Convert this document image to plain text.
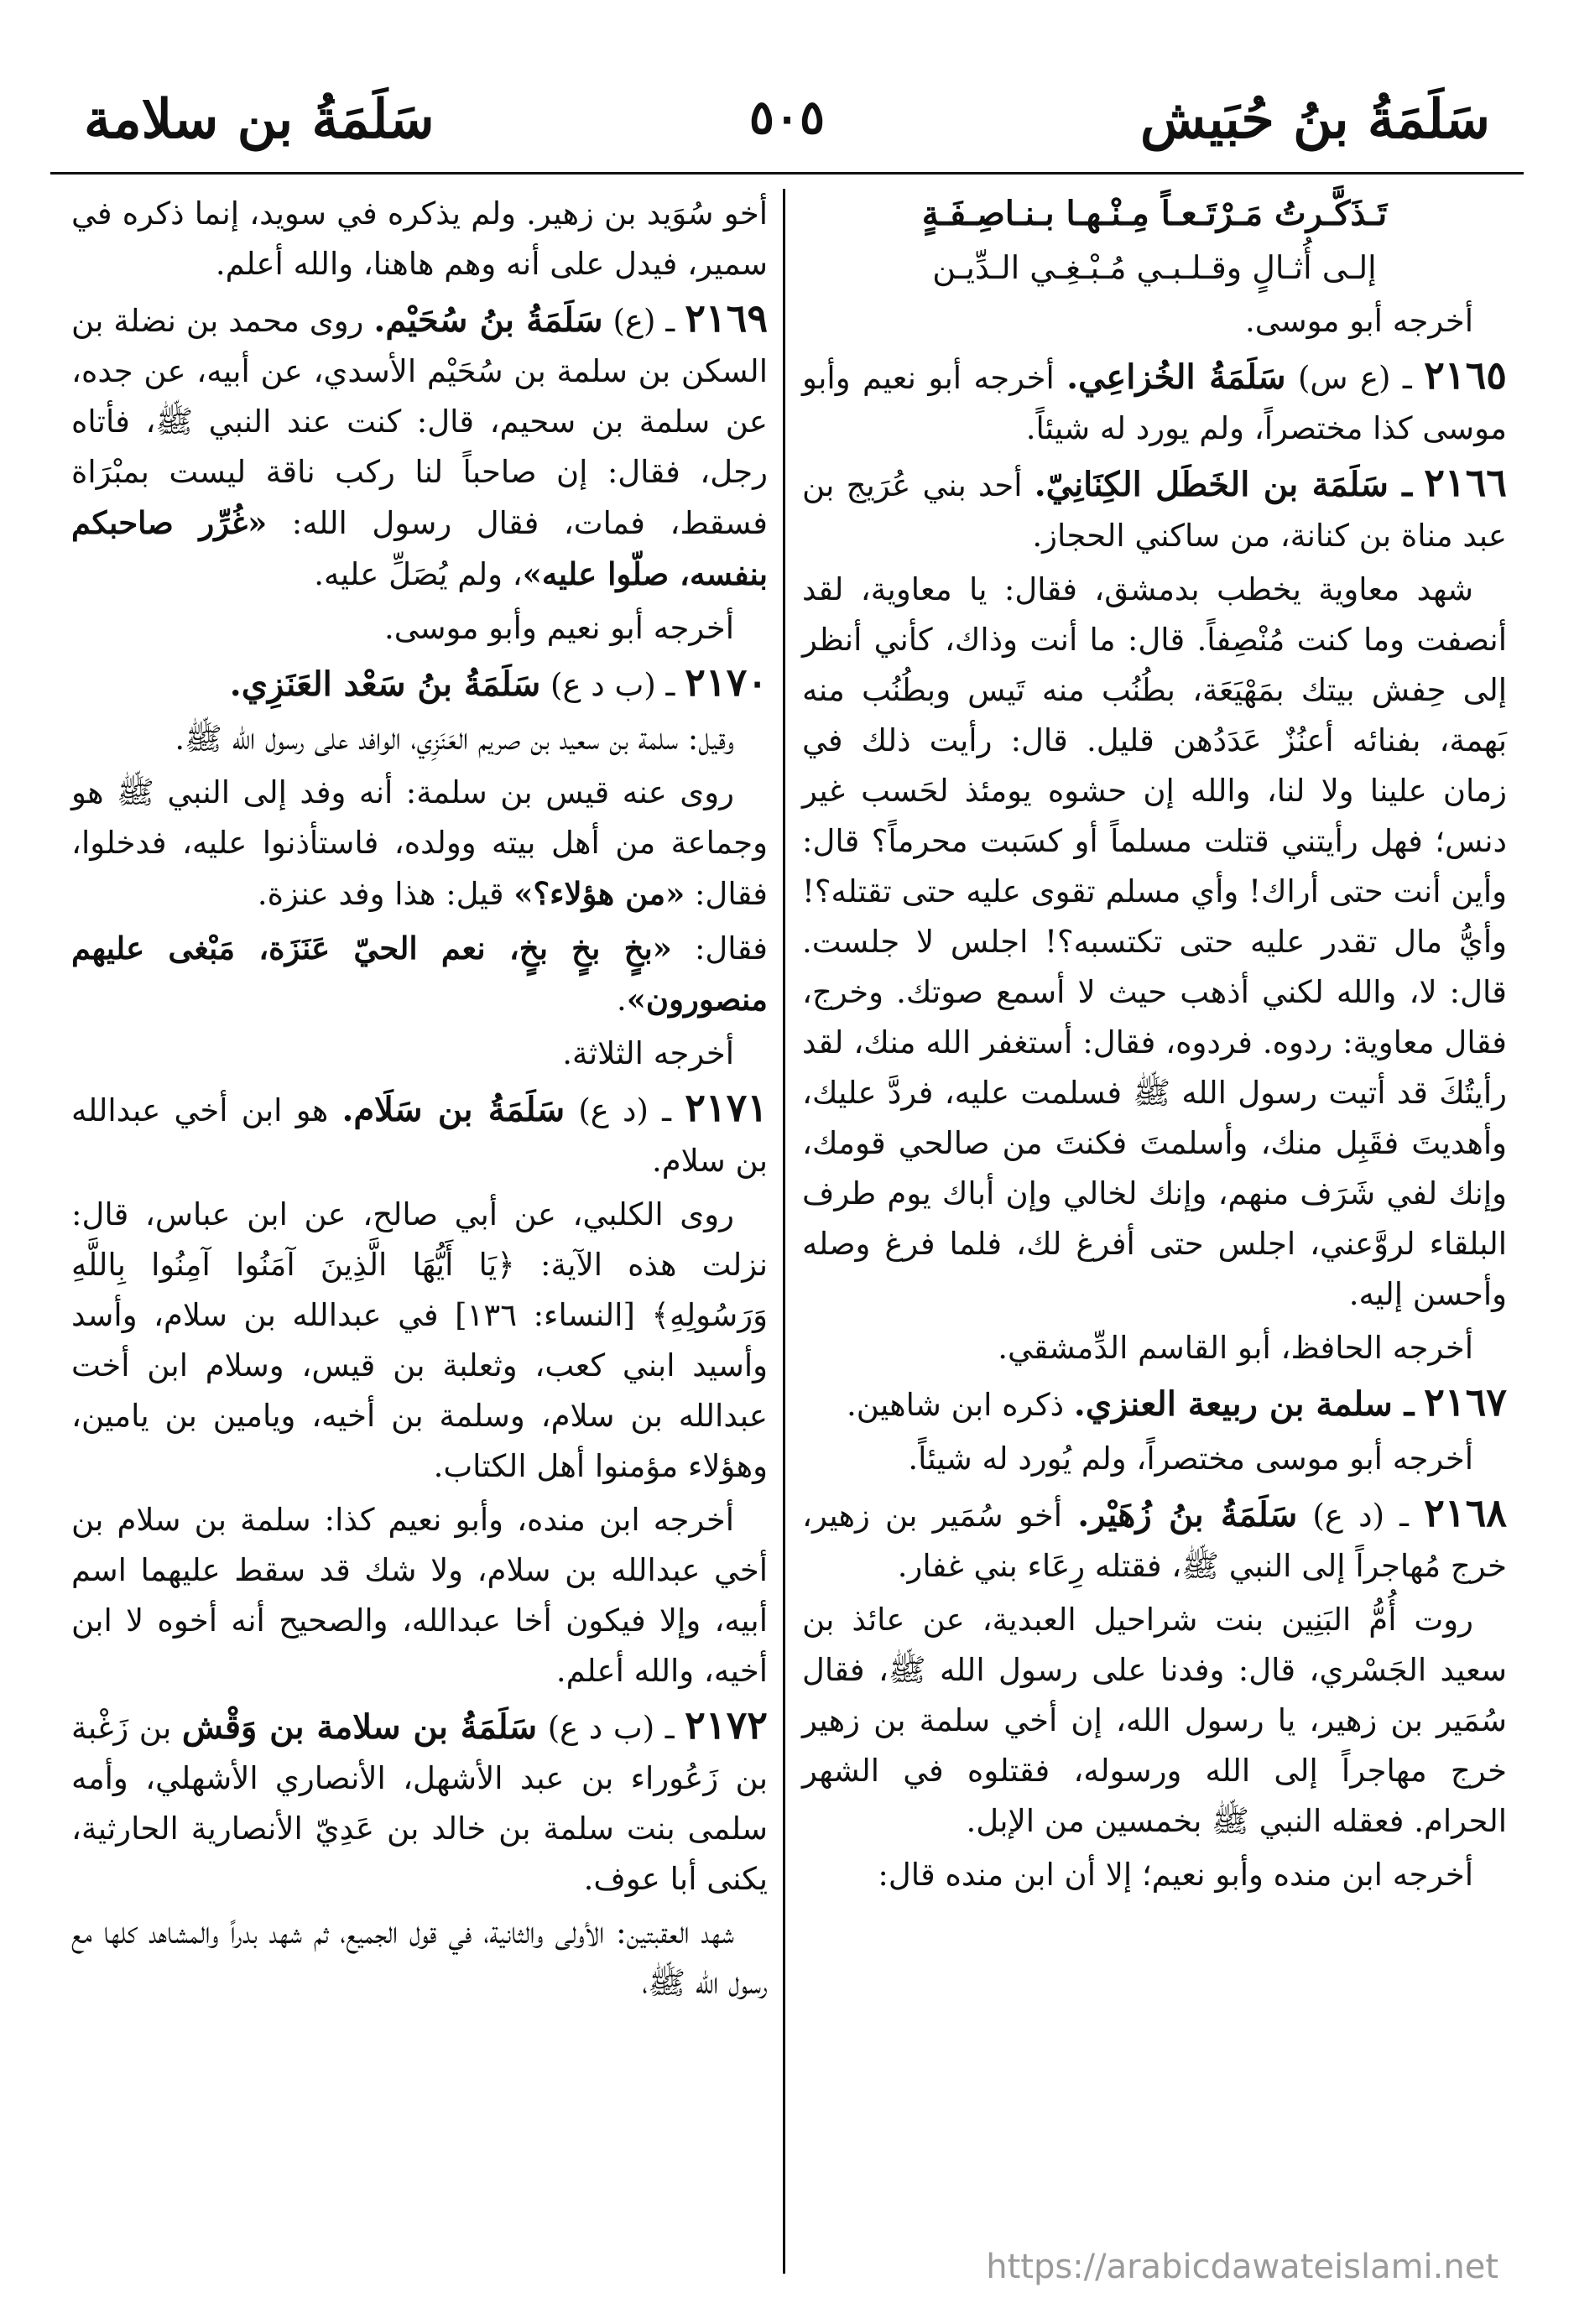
سَلَمَةُ بنُ حُبَيش
٥٠٥
سَلَمَةُ بن سلامة

تَـذَكَّـرتُ مَـرْتَـعـاً مِـنْـهـا بـنـاصِـفَـةٍ

إلـى أُثـالٍ وقـلـبـي مُـبْـغِـي الـدِّيـن

أخرجه أبو موسى.

٢١٦٥ ـ (ع س) سَلَمَةُ الخُزاعِي. أخرجه أبو نعيم وأبو موسى كذا مختصراً، ولم يورد له شيئاً.

٢١٦٦ ـ سَلَمَة بن الخَطَل الكِنَانِيّ. أحد بني عُرَيج بن عبد مناة بن كنانة، من ساكني الحجاز.

شهد معاوية يخطب بدمشق، فقال: يا معاوية، لقد أنصفت وما كنت مُنْصِفاً. قال: ما أنت وذاك، كأني أنظر إلى حِفش بيتك بمَهْيَعَة، بطُنُب منه تَيس وبطُنُب منه بَهمة، بفنائه أعنُزٌ عَدَدُهن قليل. قال: رأيت ذلك في زمان علينا ولا لنا، والله إن حشوه يومئذ لحَسب غير دنس؛ فهل رأيتني قتلت مسلماً أو كسَبت محرماً؟ قال: وأين أنت حتى أراك! وأي مسلم تقوى عليه حتى تقتله؟! وأيُّ مال تقدر عليه حتى تكتسبه؟! اجلس لا جلست. قال: لا، والله لكني أذهب حيث لا أسمع صوتك. وخرج، فقال معاوية: ردوه. فردوه، فقال: أستغفر الله منك، لقد رأيتُكَ قد أتيت رسول الله ﷺ فسلمت عليه، فردَّ عليك، وأهديتَ فقَبِل منك، وأسلمتَ فكنتَ من صالحي قومك، وإنك لفي شَرَف منهم، وإنك لخالي وإن أباك يوم طرف البلقاء لروَّعني، اجلس حتى أفرغ لك، فلما فرغ وصله وأحسن إليه.

أخرجه الحافظ، أبو القاسم الدِّمشقي.

٢١٦٧ ـ سلمة بن ربيعة العنزي. ذكره ابن شاهين.

أخرجه أبو موسى مختصراً، ولم يُورد له شيئاً.

٢١٦٨ ـ (د ع) سَلَمَةُ بنُ زُهَيْر. أخو سُمَير بن زهير، خرج مُهاجراً إلى النبي ﷺ، فقتله رِعَاء بني غفار.

روت أُمُّ البَنِين بنت شراحيل العبدية، عن عائذ بن سعيد الجَسْري، قال: وفدنا على رسول الله ﷺ، فقال سُمَير بن زهير، يا رسول الله، إن أخي سلمة بن زهير خرج مهاجراً إلى الله ورسوله، فقتلوه في الشهر الحرام. فعقله النبي ﷺ بخمسين من الإبل.

أخرجه ابن منده وأبو نعيم؛ إلا أن ابن منده قال:

أخو سُوَيد بن زهير. ولم يذكره في سويد، إنما ذكره في سمير، فيدل على أنه وهم هاهنا، والله أعلم.

٢١٦٩ ـ (ع) سَلَمَةُ بنُ سُحَيْم. روى محمد بن نضلة بن السكن بن سلمة بن سُحَيْم الأسدي، عن أبيه، عن جده، عن سلمة بن سحيم، قال: كنت عند النبي ﷺ، فأتاه رجل، فقال: إن صاحباً لنا ركب ناقة ليست بمبْرَاة فسقط، فمات، فقال رسول الله: «غُرِّر صاحبكم بنفسه، صلّوا عليه»، ولم يُصَلِّ عليه.

أخرجه أبو نعيم وأبو موسى.

٢١٧٠ ـ (ب د ع) سَلَمَةُ بنُ سَعْد العَنَزِي.

وقيل: سلمة بن سعيد بن صريم العَنَزِي، الوافد على رسول الله ﷺ.

روى عنه قيس بن سلمة: أنه وفد إلى النبي ﷺ هو وجماعة من أهل بيته وولده، فاستأذنوا عليه، فدخلوا، فقال: «من هؤلاء؟» قيل: هذا وفد عنزة.

فقال: «بخٍ بخٍ بخٍ، نعم الحيّ عَنَزَة، مَبْغى عليهم منصورون».

أخرجه الثلاثة.

٢١٧١ ـ (د ع) سَلَمَةُ بن سَلَام. هو ابن أخي عبدالله بن سلام.

روى الكلبي، عن أبي صالح، عن ابن عباس، قال: نزلت هذه الآية: ﴿يَا أَيُّهَا الَّذِينَ آمَنُوا آمِنُوا بِاللَّهِ وَرَسُولِهِ﴾ [النساء: ١٣٦] في عبدالله بن سلام، وأسد وأسيد ابني كعب، وثعلبة بن قيس، وسلام ابن أخت عبدالله بن سلام، وسلمة بن أخيه، ويامين بن يامين، وهؤلاء مؤمنوا أهل الكتاب.

أخرجه ابن منده، وأبو نعيم كذا: سلمة بن سلام بن أخي عبدالله بن سلام، ولا شك قد سقط عليهما اسم أبيه، وإلا فيكون أخا عبدالله، والصحيح أنه أخوه لا ابن أخيه، والله أعلم.

٢١٧٢ ـ (ب د ع) سَلَمَةُ بن سلامة بن وَقْش بن زَغْبة بن زَعُوراء بن عبد الأشهل، الأنصاري الأشهلي، وأمه سلمى بنت سلمة بن خالد بن عَدِيّ الأنصارية الحارثية، يكنى أبا عوف.

شهد العقبتين: الأولى والثانية، في قول الجميع، ثم شهد بدراً والمشاهد كلها مع رسول الله ﷺ،

https://arabicdawateislami.net
